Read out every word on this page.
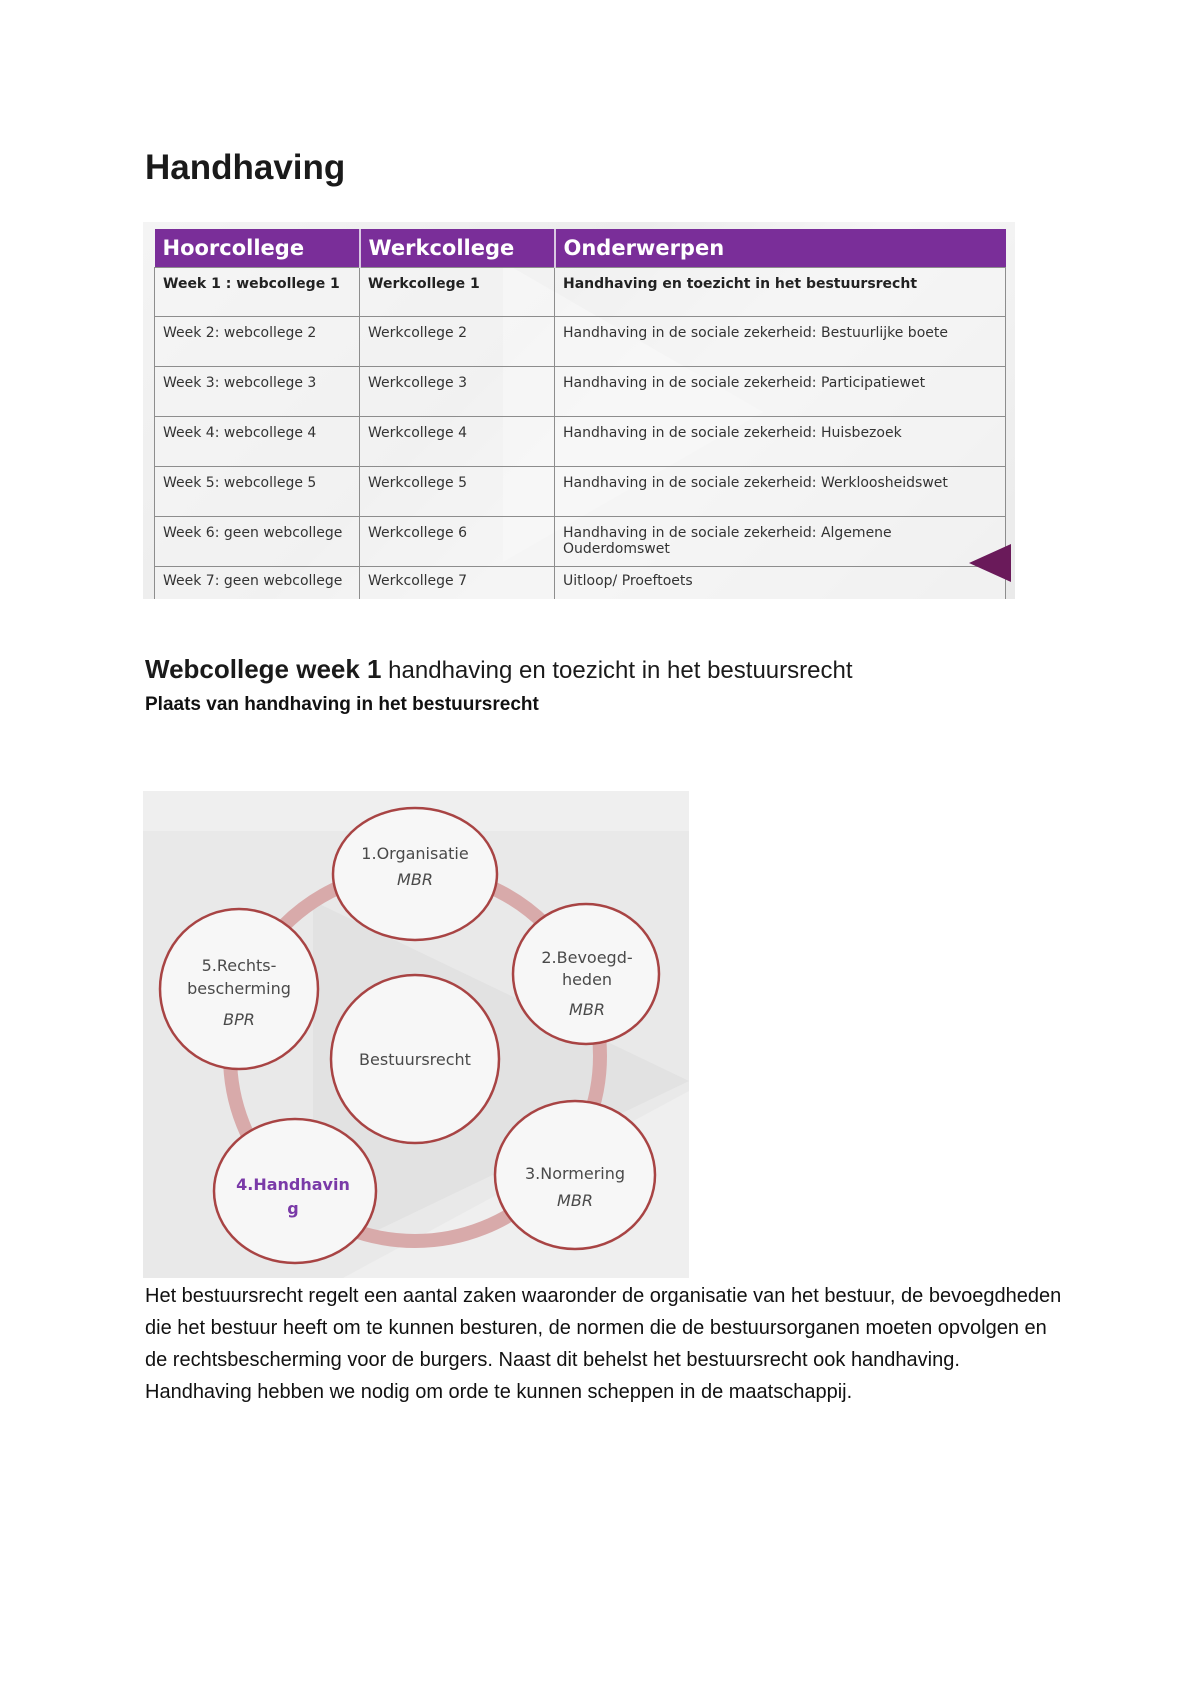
Handhaving
Hoorcollege	Werkcollege	Onderwerpen
Week 1 : webcollege 1	Werkcollege 1	Handhaving en toezicht in het bestuursrecht
Week 2: webcollege 2	Werkcollege 2	Handhaving in de sociale zekerheid: Bestuurlijke boete
Week 3: webcollege 3	Werkcollege 3	Handhaving in de sociale zekerheid: Participatiewet
Week 4: webcollege 4	Werkcollege 4	Handhaving in de sociale zekerheid: Huisbezoek
Week 5: webcollege 5	Werkcollege 5	Handhaving in de sociale zekerheid: Werkloosheidswet
Week 6: geen webcollege	Werkcollege 6	Handhaving in de sociale zekerheid: Algemene Ouderdomswet
Week 7: geen webcollege	Werkcollege 7	Uitloop/ Proeftoets
Webcollege week 1 handhaving en toezicht in het bestuursrecht
Plaats van handhaving in het bestuursrecht
Bestuursrecht
1.Organisatie
MBR
2.Bevoegd-
heden
MBR
3.Normering
MBR
4.Handhavin
g
5.Rechts-
bescherming
BPR

Het bestuursrecht regelt een aantal zaken waaronder de organisatie van het bestuur, de bevoegdheden die het bestuur heeft om te kunnen besturen, de normen die de bestuursorganen moeten opvolgen en de rechtsbescherming voor de burgers. Naast dit behelst het bestuursrecht ook handhaving. Handhaving hebben we nodig om orde te kunnen scheppen in de maatschappij.
